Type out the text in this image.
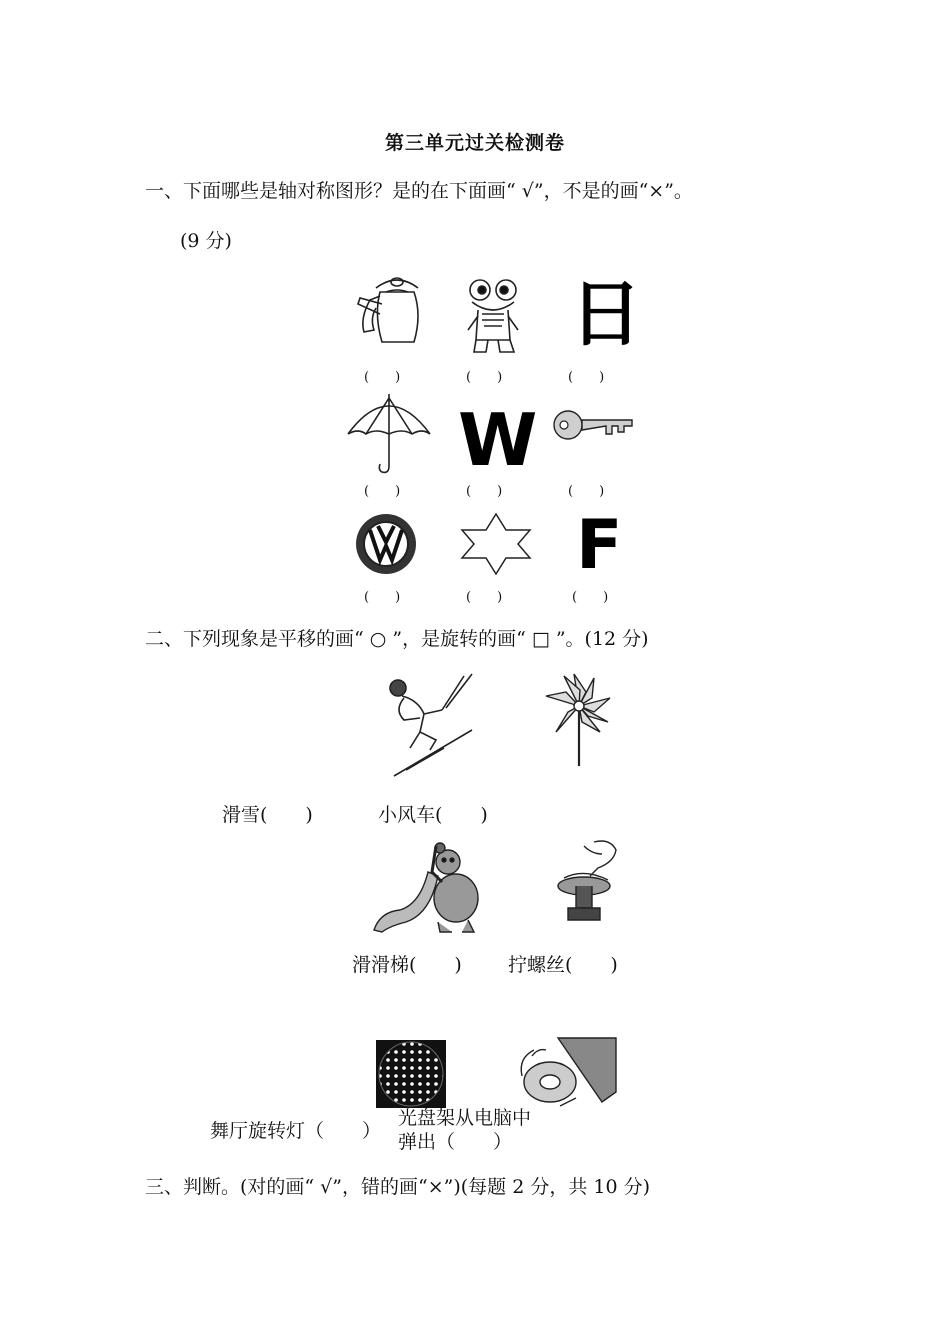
第三单元过关检测卷
一、下面哪些是轴对称图形？是的在下面画“ √”，不是的画“×”。
(9 分)
日
(　　)	(　　)	(　　)
W
(　　)	(　　)	(　　)
F
(　　)	(　　)	(　　)
二、下列现象是平移的画“ ○ ”，是旋转的画“ □ ”。(12 分)
滑雪(　　)	小风车(　　)
滑滑梯(　　) 拧螺丝(　　)
舞厅旋转灯（　　）
光盘架从电脑中
弹出（　　）
三、判断。(对的画“ √”，错的画“×”)(每题 2 分，共 10 分)
